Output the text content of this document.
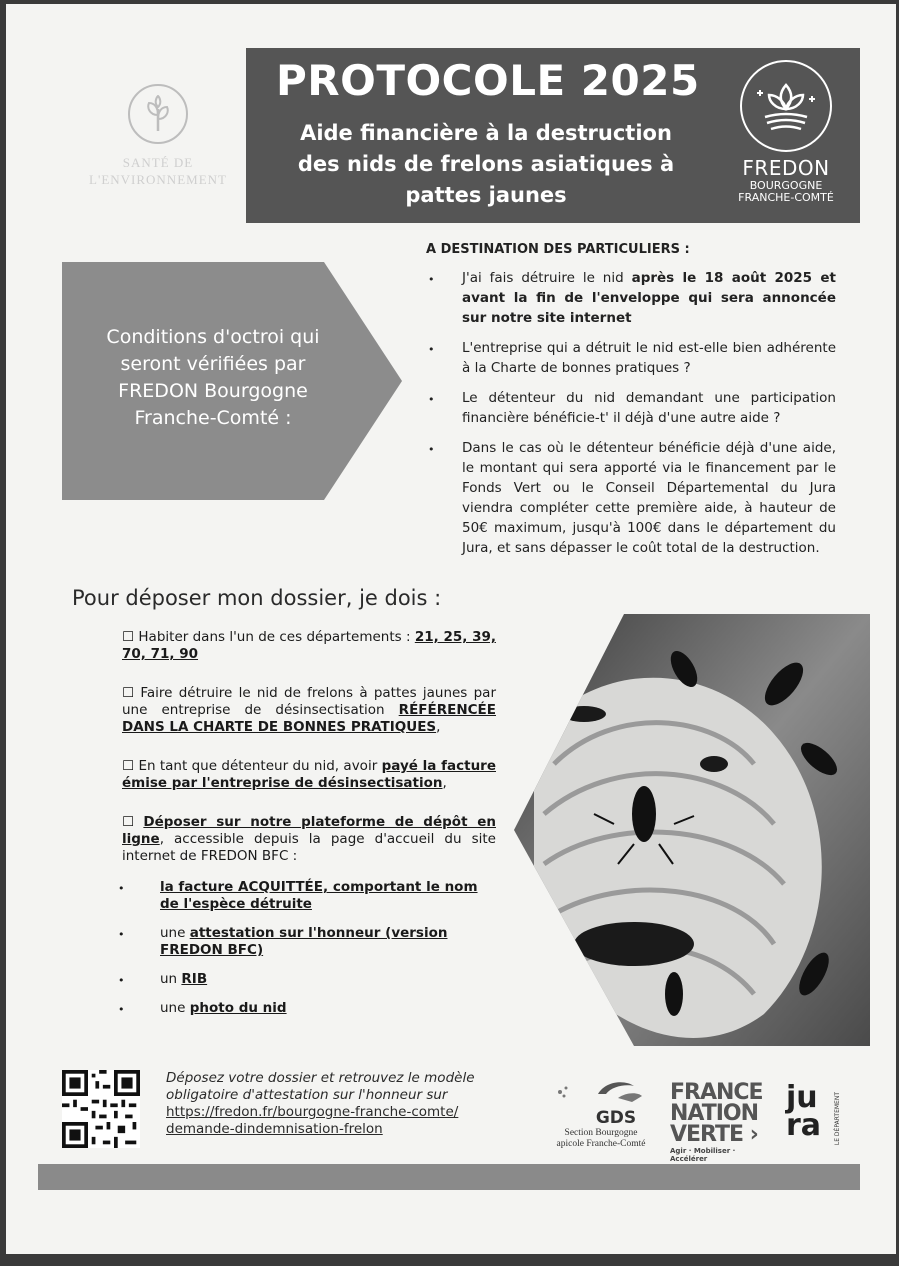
SANTÉ DE L'ENVIRONNEMENT
PROTOCOLE 2025
Aide financière à la destruction des nids de frelons asiatiques à pattes jaunes
FREDON
BOURGOGNE FRANCHE-COMTÉ
Conditions d'octroi qui seront vérifiées par FREDON Bourgogne Franche-Comté :
A DESTINATION DES PARTICULIERS :
• J'ai fais détruire le nid après le 18 août 2025 et avant la fin de l'enveloppe qui sera annoncée sur notre site internet
• L'entreprise qui a détruit le nid est-elle bien adhérente à la Charte de bonnes pratiques ?
• Le détenteur du nid demandant une participation financière bénéficie-t' il déjà d'une autre aide ?
• Dans le cas où le détenteur bénéficie déjà d'une aide, le montant qui sera apporté via le financement par le Fonds Vert ou le Conseil Départemental du Jura viendra compléter cette première aide, à hauteur de 50€ maximum, jusqu'à 100€ dans le département du Jura, et sans dépasser le coût total de la destruction.
Pour déposer mon dossier, je dois :
☐ Habiter dans l'un de ces départements : 21, 25, 39, 70, 71, 90
☐ Faire détruire le nid de frelons à pattes jaunes par une entreprise de désinsectisation RÉFÉRENCÉE DANS LA CHARTE DE BONNES PRATIQUES,
☐ En tant que détenteur du nid, avoir payé la facture émise par l'entreprise de désinsectisation,
☐ Déposer sur notre plateforme de dépôt en ligne, accessible depuis la page d'accueil du site internet de FREDON BFC :
• la facture ACQUITTÉE, comportant le nom de l'espèce détruite
• une attestation sur l'honneur (version FREDON BFC)
• un RIB
• une photo du nid
Déposez votre dossier et retrouvez le modèle obligatoire d'attestation sur l'honneur sur
https://fredon.fr/bourgogne-franche-comte/
demande-dindemnisation-frelon
GDS
Section Bourgogne
apicole Franche-Comté
FRANCE
NATION
VERTE ›
Agir · Mobiliser · Accélérer
ju
ra	LE DÉPARTEMENT
